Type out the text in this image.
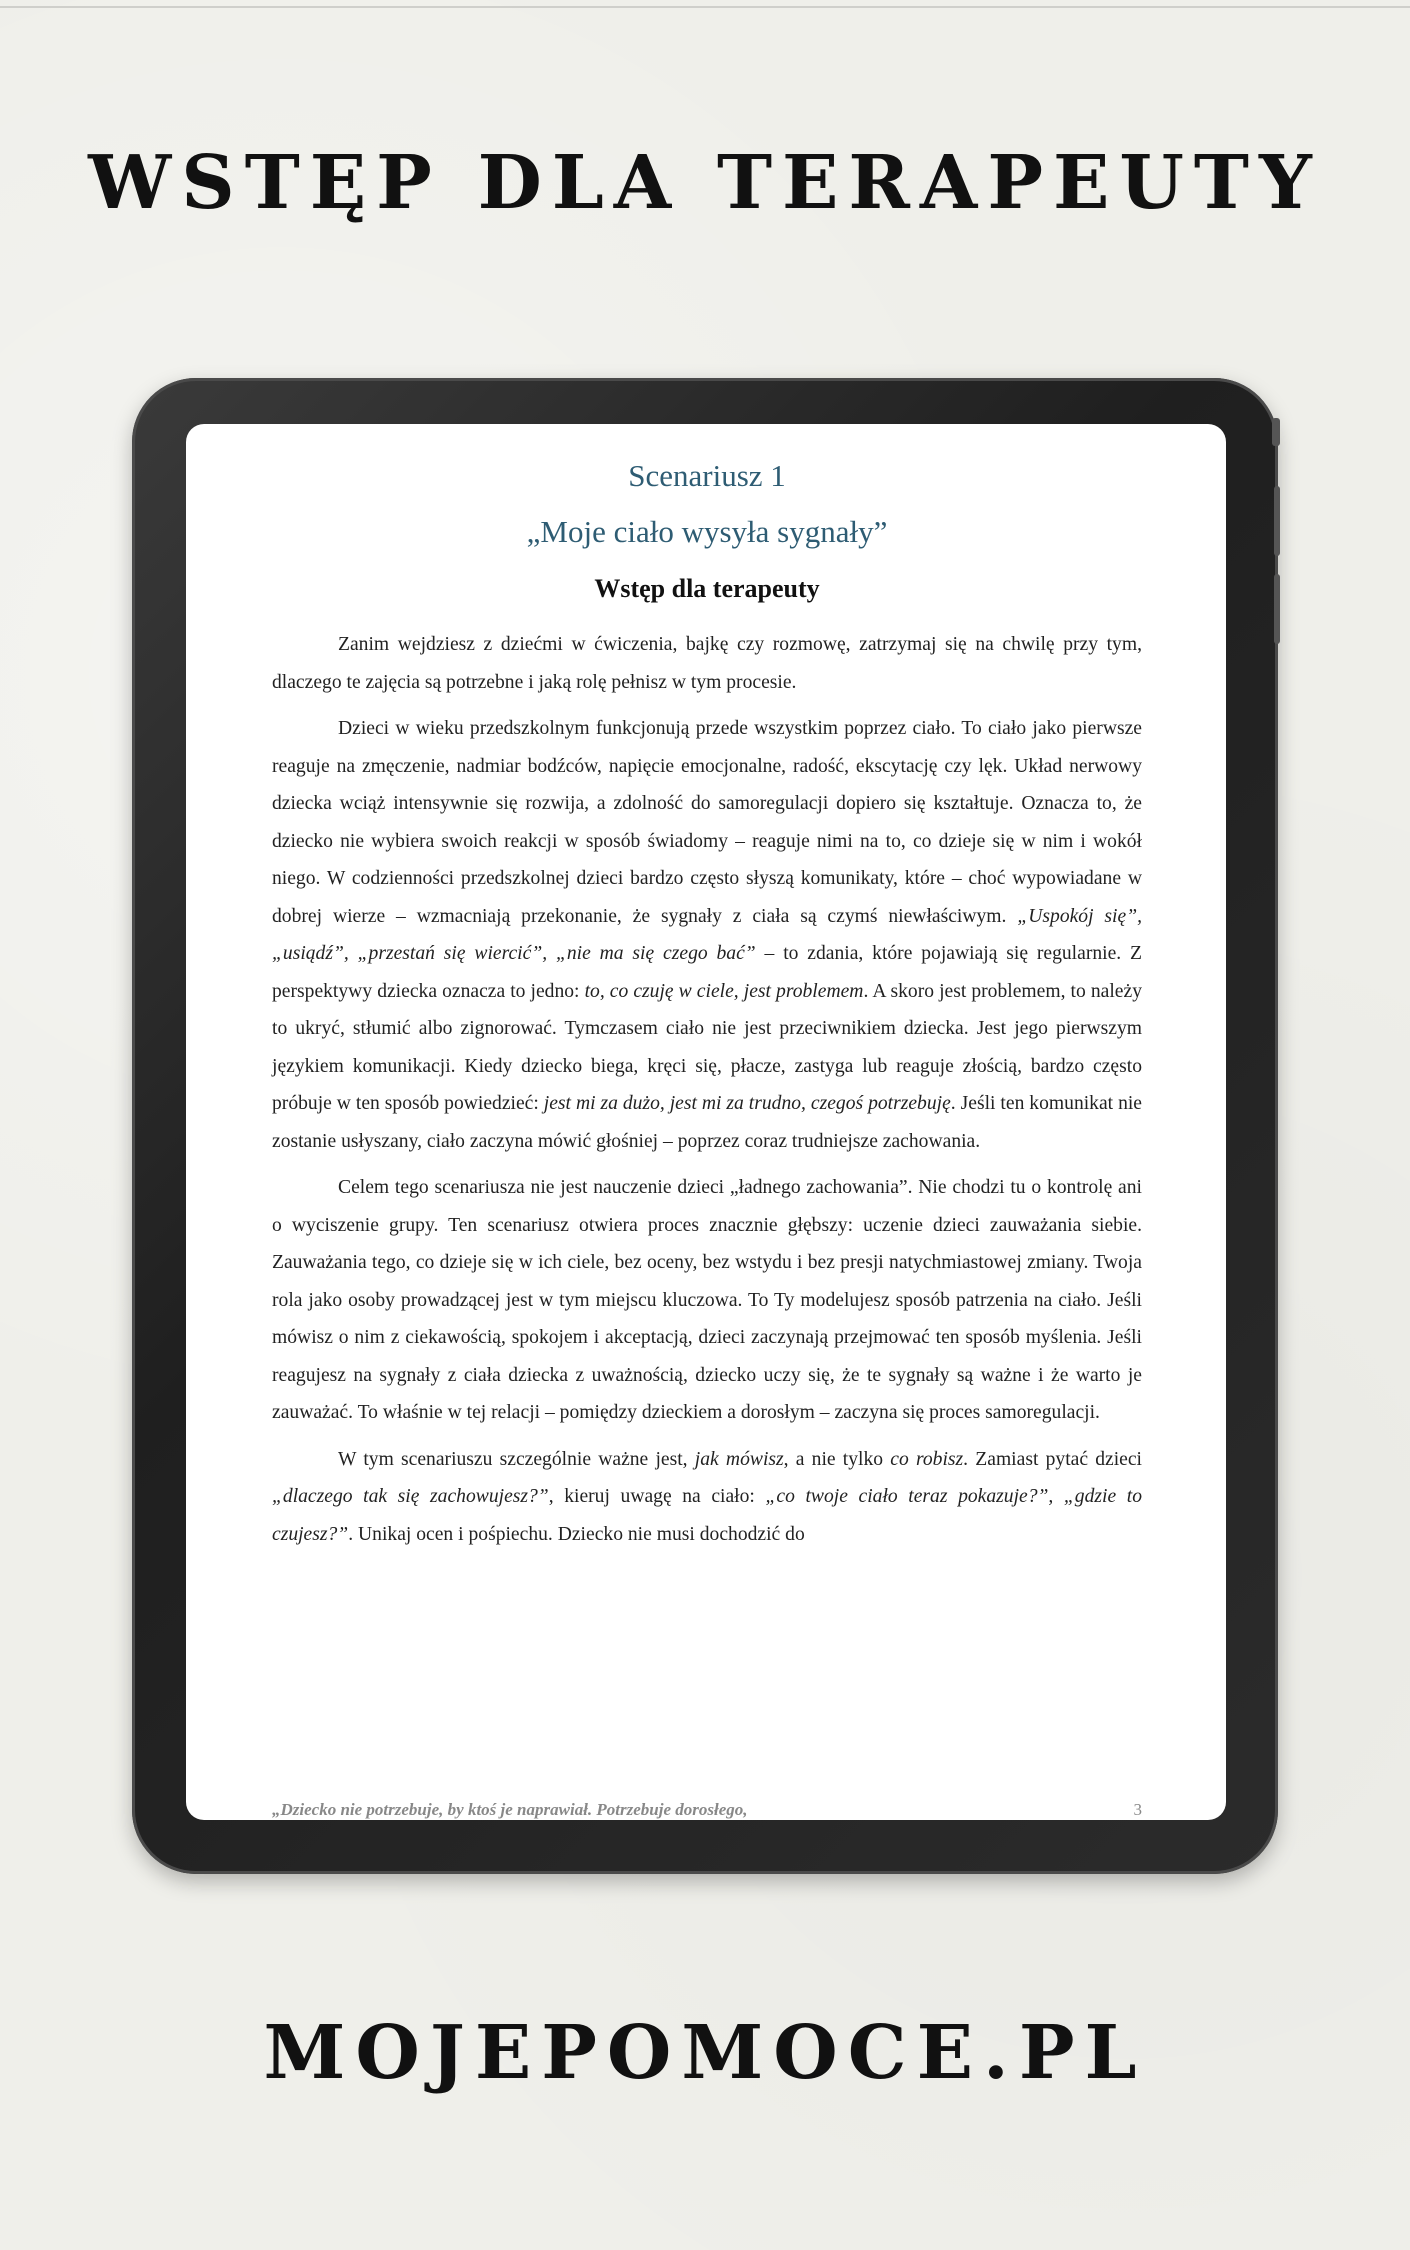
WSTĘP DLA TERAPEUTY
Scenariusz 1
„Moje ciało wysyła sygnały”
Wstęp dla terapeuty

Zanim wejdziesz z dziećmi w ćwiczenia, bajkę czy rozmowę, zatrzymaj się na chwilę przy tym, dlaczego te zajęcia są potrzebne i jaką rolę pełnisz w tym procesie.

Dzieci w wieku przedszkolnym funkcjonują przede wszystkim poprzez ciało. To ciało jako pierwsze reaguje na zmęczenie, nadmiar bodźców, napięcie emocjonalne, radość, ekscytację czy lęk. Układ nerwowy dziecka wciąż intensywnie się rozwija, a zdolność do samoregulacji dopiero się kształtuje. Oznacza to, że dziecko nie wybiera swoich reakcji w sposób świadomy – reaguje nimi na to, co dzieje się w nim i wokół niego. W codzienności przedszkolnej dzieci bardzo często słyszą komunikaty, które – choć wypowiadane w dobrej wierze – wzmacniają przekonanie, że sygnały z ciała są czymś niewłaściwym. „Uspokój się”, „usiądź”, „przestań się wiercić”, „nie ma się czego bać” – to zdania, które pojawiają się regularnie. Z perspektywy dziecka oznacza to jedno: to, co czuję w ciele, jest problemem. A skoro jest problemem, to należy to ukryć, stłumić albo zignorować. Tymczasem ciało nie jest przeciwnikiem dziecka. Jest jego pierwszym językiem komunikacji. Kiedy dziecko biega, kręci się, płacze, zastyga lub reaguje złością, bardzo często próbuje w ten sposób powiedzieć: jest mi za dużo, jest mi za trudno, czegoś potrzebuję. Jeśli ten komunikat nie zostanie usłyszany, ciało zaczyna mówić głośniej – poprzez coraz trudniejsze zachowania.

Celem tego scenariusza nie jest nauczenie dzieci „ładnego zachowania”. Nie chodzi tu o kontrolę ani o wyciszenie grupy. Ten scenariusz otwiera proces znacznie głębszy: uczenie dzieci zauważania siebie. Zauważania tego, co dzieje się w ich ciele, bez oceny, bez wstydu i bez presji natychmiastowej zmiany. Twoja rola jako osoby prowadzącej jest w tym miejscu kluczowa. To Ty modelujesz sposób patrzenia na ciało. Jeśli mówisz o nim z ciekawością, spokojem i akceptacją, dzieci zaczynają przejmować ten sposób myślenia. Jeśli reagujesz na sygnały z ciała dziecka z uważnością, dziecko uczy się, że te sygnały są ważne i że warto je zauważać. To właśnie w tej relacji – pomiędzy dzieckiem a dorosłym – zaczyna się proces samoregulacji.

W tym scenariuszu szczególnie ważne jest, jak mówisz, a nie tylko co robisz. Zamiast pytać dzieci „dlaczego tak się zachowujesz?”, kieruj uwagę na ciało: „co twoje ciało teraz pokazuje?”, „gdzie to czujesz?”. Unikaj ocen i pośpiechu. Dziecko nie musi dochodzić do

„Dziecko nie potrzebuje, by ktoś je naprawiał. Potrzebuje dorosłego,	3
MOJEPOMOCE.PL
